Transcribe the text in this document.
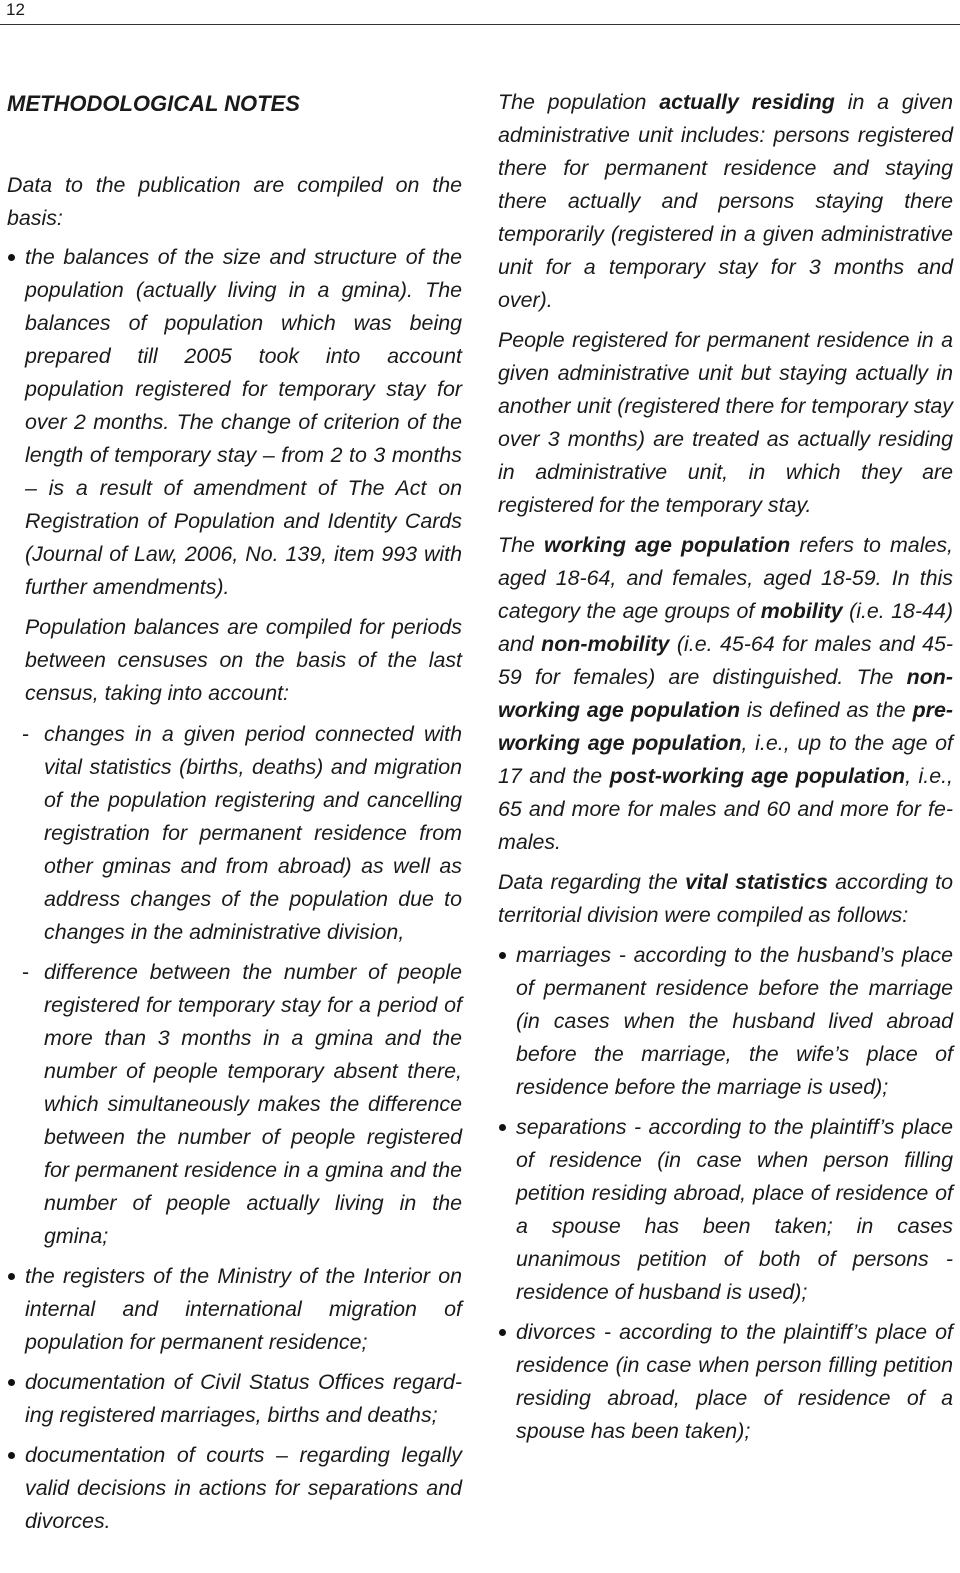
12
METHODOLOGICAL NOTES

Data to the publication are compiled on the basis:

the balances of the size and structure of the population (actually living in a gmina). The balances of population which was being prepared till 2005 took into account population registered for temporary stay for over 2 months. The change of criterion of the length of temporary stay – from 2 to 3 months – is a result of amendment of The Act on Registration of Population and Identity Cards (Journal of Law, 2006, No. 139, item 993 with further amendments).

Population balances are compiled for periods between censuses on the basis of the last census, taking into account:

- changes in a given period connected with vital statistics (births, deaths) and migration of the population registering and cancelling registration for permanent residence from other gminas and from abroad) as well as address changes of the population due to changes in the administrative division,

- difference between the number of people registered for temporary stay for a period of more than 3 months in a gmina and the number of people temporary absent there, which simultaneously makes the difference between the number of people registered for permanent residence in a gmina and the number of people actually living in the gmina;

the registers of the Ministry of the Interior on internal and international migration of population for permanent residence;

documentation of Civil Status Offices regarding registered marriages, births and deaths;

documentation of courts – regarding legally valid decisions in actions for separations and divorces.

The population actually residing in a given administrative unit includes: persons registered there for permanent residence and staying there actually and persons staying there temporarily (registered in a given administrative unit for a temporary stay for 3 months and over).

People registered for permanent residence in a given administrative unit but staying actually in another unit (registered there for temporary stay over 3 months) are treated as actually residing in administrative unit, in which they are registered for the temporary stay.

The working age population refers to males, aged 18-64, and females, aged 18-59. In this category the age groups of mobility (i.e. 18-44) and non-mobility (i.e. 45-64 for males and 45-59 for females) are distinguished. The non-working age population is defined as the pre-working age population, i.e., up to the age of 17 and the post-working age population, i.e., 65 and more for males and 60 and more for females.

Data regarding the vital statistics according to territorial division were compiled as follows:

marriages - according to the husband’s place of permanent residence before the marriage (in cases when the husband lived abroad before the marriage, the wife’s place of residence before the marriage is used);

separations - according to the plaintiff’s place of residence (in case when person filling petition residing abroad, place of residence of a spouse has been taken; in cases unanimous petition of both of persons - residence of husband is used);

divorces - according to the plaintiff’s place of residence (in case when person filling petition residing abroad, place of residence of a spouse has been taken);
